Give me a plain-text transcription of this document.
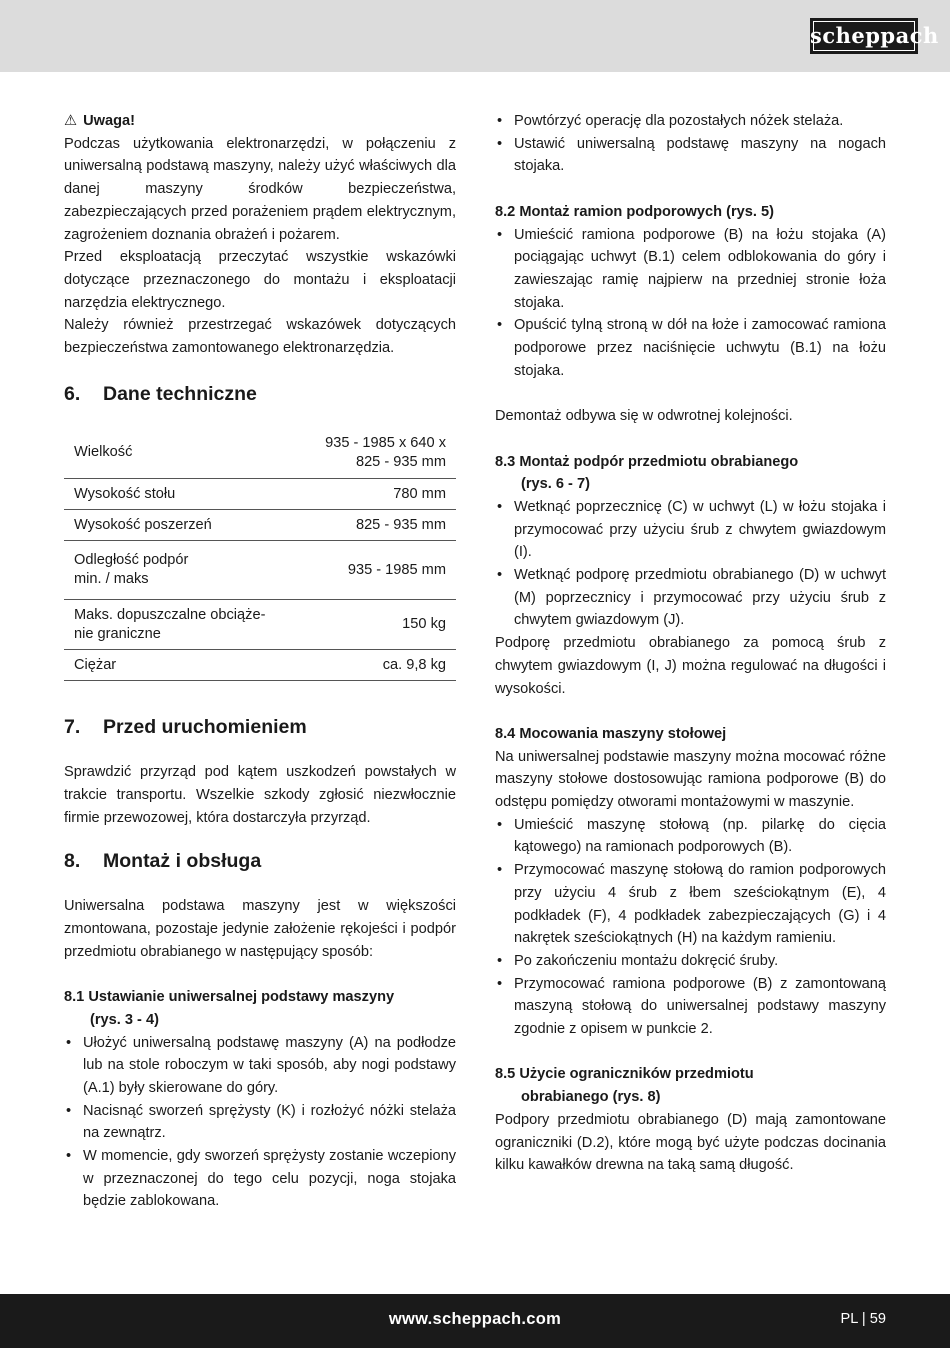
scheppach
⚠ Uwaga!

Podczas użytkowania elektronarzędzi, w połączeniu z uniwersalną podstawą maszyny, należy użyć właściwych dla danej maszyny środków bezpieczeństwa, zabezpieczających przed porażeniem prądem elektrycznym, zagrożeniem doznania obrażeń i pożarem.

Przed eksploatacją przeczytać wszystkie wskazówki dotyczące przeznaczonego do montażu i eksploatacji narzędzia elektrycznego.

Należy również przestrzegać wskazówek dotyczących bezpieczeństwa zamontowanego elektronarzędzia.

6. Dane techniczne
Wielkość	935 - 1985 x 640 x
825 - 935 mm
Wysokość stołu	780 mm
Wysokość poszerzeń	825 - 935 mm
Odległość podpór
min. / maks	935 - 1985 mm
Maks. dopuszczalne obciąże-
nie graniczne	150 kg
Ciężar	ca. 9,8 kg
7. Przed uruchomieniem

Sprawdzić przyrząd pod kątem uszkodzeń powstałych w trakcie transportu. Wszelkie szkody zgłosić niezwłocznie firmie przewozowej, która dostarczyła przyrząd.

8. Montaż i obsługa

Uniwersalna podstawa maszyny jest w większości zmontowana, pozostaje jedynie założenie rękojeści i podpór przedmiotu obrabianego w następujący sposób:

8.1 Ustawianie uniwersalnej podstawy maszyny
(rys. 3 - 4)
• Ułożyć uniwersalną podstawę maszyny (A) na podłodze lub na stole roboczym w taki sposób, aby nogi podstawy (A.1) były skierowane do góry.
• Nacisnąć sworzeń sprężysty (K) i rozłożyć nóżki stelaża na zewnątrz.
• W momencie, gdy sworzeń sprężysty zostanie wczepiony w przeznaczonej do tego celu pozycji, noga stojaka będzie zablokowana.
• Powtórzyć operację dla pozostałych nóżek stelaża.
• Ustawić uniwersalną podstawę maszyny na nogach stojaka.
8.2 Montaż ramion podporowych (rys. 5)
• Umieścić ramiona podporowe (B) na łożu stojaka (A) pociągając uchwyt (B.1) celem odblokowania do góry i zawieszając ramię najpierw na przedniej stronie łoża stojaka.
• Opuścić tylną stroną w dół na łoże i zamocować ramiona podporowe przez naciśnięcie uchwytu (B.1) na łożu stojaka.

Demontaż odbywa się w odwrotnej kolejności.

8.3 Montaż podpór przedmiotu obrabianego
(rys. 6 - 7)
• Wetknąć poprzecznicę (C) w uchwyt (L) w łożu stojaka i przymocować przy użyciu śrub z chwytem gwiazdowym (I).
• Wetknąć podporę przedmiotu obrabianego (D) w uchwyt (M) poprzecznicy i przymocować przy użyciu śrub z chwytem gwiazdowym (J).

Podporę przedmiotu obrabianego za pomocą śrub z chwytem gwiazdowym (I, J) można regulować na długości i wysokości.

8.4 Mocowania maszyny stołowej

Na uniwersalnej podstawie maszyny można mocować różne maszyny stołowe dostosowując ramiona podporowe (B) do odstępu pomiędzy otworami montażowymi w maszynie.

• Umieścić maszynę stołową (np. pilarkę do cięcia kątowego) na ramionach podporowych (B).
• Przymocować maszynę stołową do ramion podporowych przy użyciu 4 śrub z łbem sześciokątnym (E), 4 podkładek (F), 4 podkładek zabezpieczających (G) i 4 nakrętek sześciokątnych (H) na każdym ramieniu.
• Po zakończeniu montażu dokręcić śruby.
• Przymocować ramiona podporowe (B) z zamontowaną maszyną stołową do uniwersalnej podstawy maszyny zgodnie z opisem w punkcie 2.
8.5 Użycie ograniczników przedmiotu
obrabianego (rys. 8)

Podpory przedmiotu obrabianego (D) mają zamontowane ograniczniki (D.2), które mogą być użyte podczas docinania kilku kawałków drewna na taką samą długość.

www.scheppach.com	PL | 59
